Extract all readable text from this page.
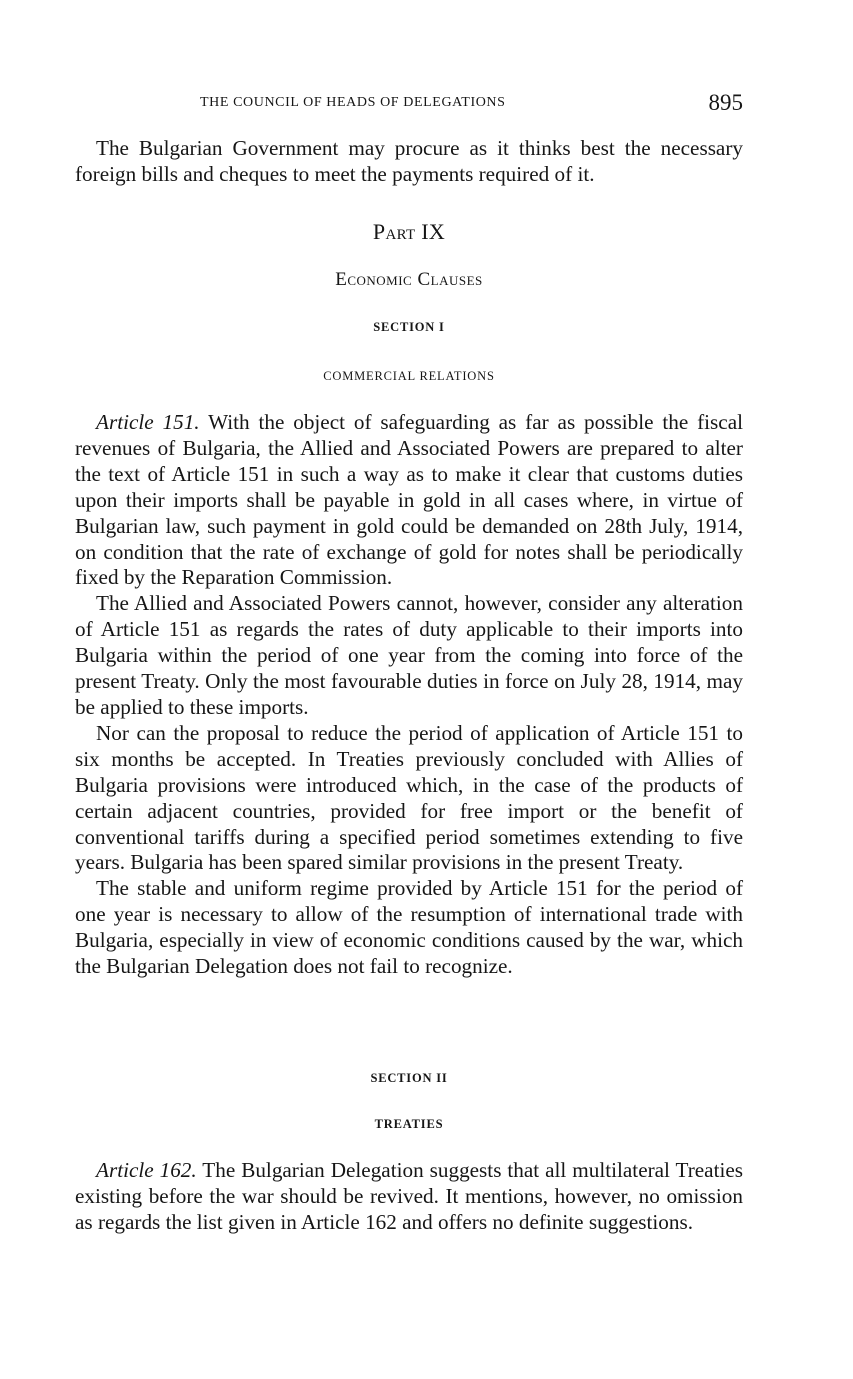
THE COUNCIL OF HEADS OF DELEGATIONS	895

The Bulgarian Government may procure as it thinks best the necessary foreign bills and cheques to meet the payments required of it.

Part IX
Economic Clauses
SECTION I
COMMERCIAL RELATIONS

Article 151. With the object of safeguarding as far as possible the fiscal revenues of Bulgaria, the Allied and Associated Powers are prepared to alter the text of Article 151 in such a way as to make it clear that customs duties upon their imports shall be payable in gold in all cases where, in virtue of Bulgarian law, such payment in gold could be demanded on 28th July, 1914, on condition that the rate of exchange of gold for notes shall be periodically fixed by the Reparation Commission.

The Allied and Associated Powers cannot, however, consider any alteration of Article 151 as regards the rates of duty applicable to their imports into Bulgaria within the period of one year from the coming into force of the present Treaty. Only the most favourable duties in force on July 28, 1914, may be applied to these imports.

Nor can the proposal to reduce the period of application of Article 151 to six months be accepted. In Treaties previously concluded with Allies of Bulgaria provisions were introduced which, in the case of the products of certain adjacent countries, provided for free import or the benefit of conventional tariffs during a specified period sometimes extending to five years. Bulgaria has been spared similar provisions in the present Treaty.

The stable and uniform regime provided by Article 151 for the period of one year is necessary to allow of the resumption of international trade with Bulgaria, especially in view of economic conditions caused by the war, which the Bulgarian Delegation does not fail to recognize.

SECTION II
TREATIES

Article 162. The Bulgarian Delegation suggests that all multilateral Treaties existing before the war should be revived. It mentions, however, no omission as regards the list given in Article 162 and offers no definite suggestions.
